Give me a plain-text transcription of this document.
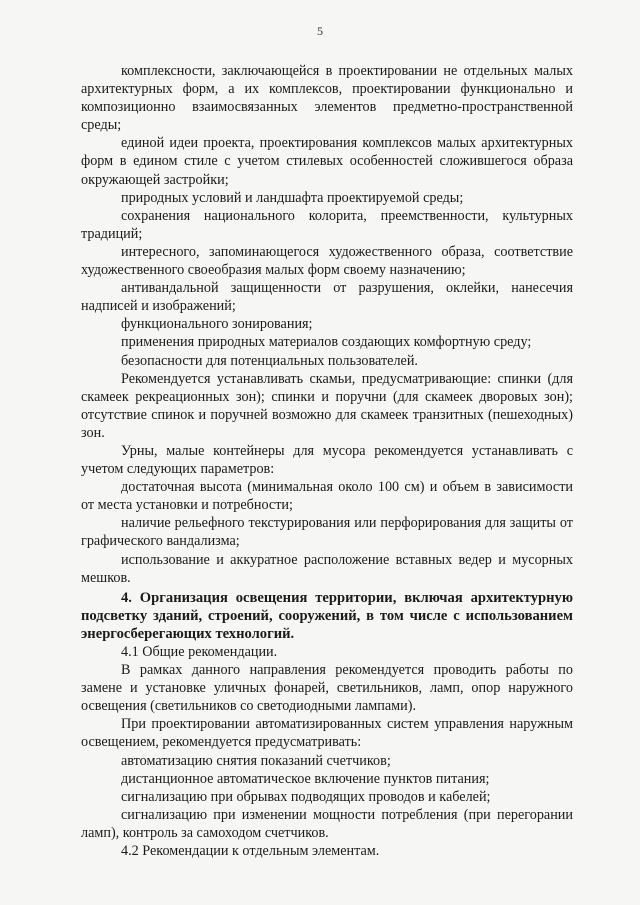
5

комплексности, заключающейся в проектировании не отдельных малых архитектурных форм, а их комплексов, проектировании функционально и композиционно взаимосвязанных элементов предметно-пространственной среды;

единой идеи проекта, проектирования комплексов малых архитектурных форм в едином стиле с учетом стилевых особенностей сложившегося образа окружающей застройки;

природных условий и ландшафта проектируемой среды;

сохранения национального колорита, преемственности, культурных традиций;

интересного, запоминающегося художественного образа, соответствие художественного своеобразия малых форм своему назначению;

антивандальной защищенности от разрушения, оклейки, нанесечия надписей и изображений;

функционального зонирования;

применения природных материалов создающих комфортную среду;

безопасности для потенциальных пользователей.

Рекомендуется устанавливать скамьи, предусматривающие: спинки (для скамеек рекреационных зон); спинки и поручни (для скамеек дворовых зон); отсутствие спинок и поручней возможно для скамеек транзитных (пешеходных) зон.

Урны, малые контейнеры для мусора рекомендуется устанавливать с учетом следующих параметров:

достаточная высота (минимальная около 100 см) и объем в зависимости от места установки и потребности;

наличие рельефного текстурирования или перфорирования для защиты от графического вандализма;

использование и аккуратное расположение вставных ведер и мусорных мешков.

4. Организация освещения территории, включая архитектурную подсветку зданий, строений, сооружений, в том числе с использованием энергосберегающих технологий.

4.1 Общие рекомендации.

В рамках данного направления рекомендуется проводить работы по замене и установке уличных фонарей, светильников, ламп, опор наружного освещения (светильников со светодиодными лампами).

При проектировании автоматизированных систем управления наружным освещением, рекомендуется предусматривать:

автоматизацию снятия показаний счетчиков;

дистанционное автоматическое включение пунктов питания;

сигнализацию при обрывах подводящих проводов и кабелей;

сигнализацию при изменении мощности потребления (при перегорании ламп), контроль за самоходом счетчиков.

4.2 Рекомендации к отдельным элементам.
